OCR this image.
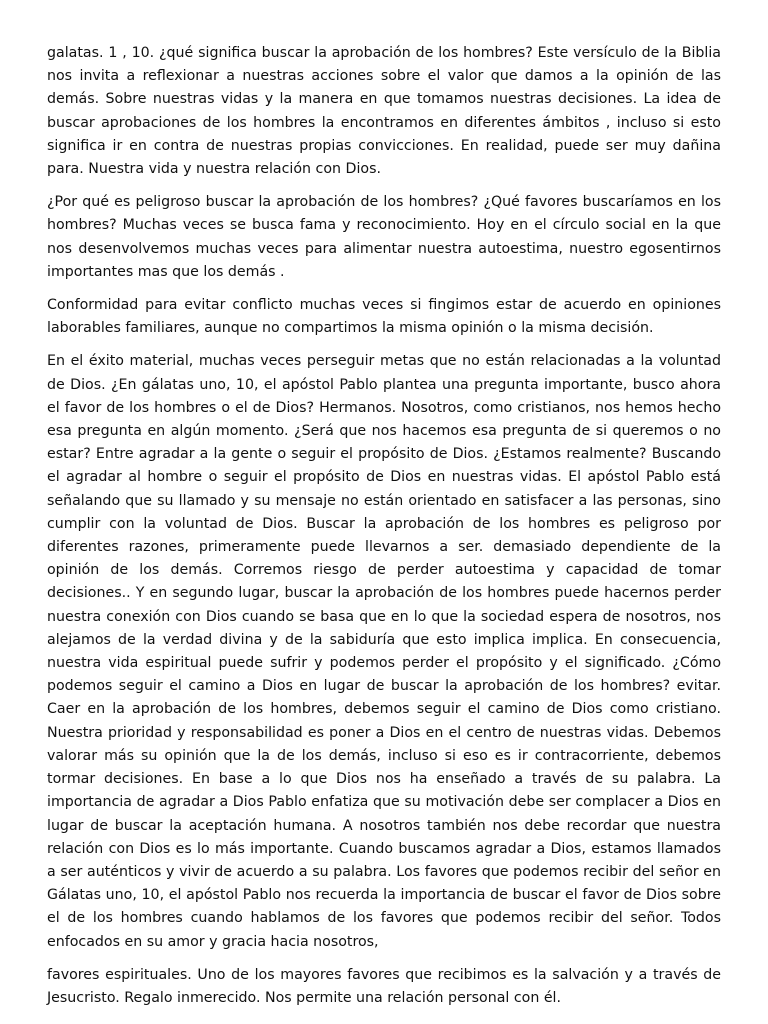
galatas. 1 , 10. ¿qué significa buscar la aprobación de los hombres? Este versículo de la Biblia nos invita a reflexionar a nuestras acciones sobre el valor que damos a la opinión de las demás. Sobre nuestras vidas y la manera en que tomamos nuestras decisiones. La idea de buscar aprobaciones de los hombres la encontramos en diferentes ámbitos , incluso si esto significa ir en contra de nuestras propias convicciones. En realidad, puede ser muy dañina para. Nuestra vida y nuestra relación con Dios.

¿Por qué es peligroso buscar la aprobación de los hombres? ¿Qué favores buscaríamos en los hombres? Muchas veces se busca fama y reconocimiento. Hoy en el círculo social en la que nos desenvolvemos muchas veces para alimentar nuestra autoestima, nuestro egosentirnos importantes mas que los demás .

Conformidad para evitar conflicto muchas veces si fingimos estar de acuerdo en opiniones laborables familiares, aunque no compartimos la misma opinión o la misma decisión.

En el éxito material, muchas veces perseguir metas que no están relacionadas a la voluntad de Dios. ¿En gálatas uno, 10, el apóstol Pablo plantea una pregunta importante, busco ahora el favor de los hombres o el de Dios? Hermanos. Nosotros, como cristianos, nos hemos hecho esa pregunta en algún momento. ¿Será que nos hacemos esa pregunta de si queremos o no estar? Entre agradar a la gente o seguir el propósito de Dios. ¿Estamos realmente? Buscando el agradar al hombre o seguir el propósito de Dios en nuestras vidas. El apóstol Pablo está señalando que su llamado y su mensaje no están orientado en satisfacer a las personas, sino cumplir con la voluntad de Dios. Buscar la aprobación de los hombres es peligroso por diferentes razones, primeramente puede llevarnos a ser. demasiado dependiente de la opinión de los demás. Corremos riesgo de perder autoestima y capacidad de tomar decisiones.. Y en segundo lugar, buscar la aprobación de los hombres puede hacernos perder nuestra conexión con Dios cuando se basa que en lo que la sociedad espera de nosotros, nos alejamos de la verdad divina y de la sabiduría que esto implica implica. En consecuencia, nuestra vida espiritual puede sufrir y podemos perder el propósito y el significado. ¿Cómo podemos seguir el camino a Dios en lugar de buscar la aprobación de los hombres? evitar. Caer en la aprobación de los hombres, debemos seguir el camino de Dios como cristiano. Nuestra prioridad y responsabilidad es poner a Dios en el centro de nuestras vidas. Debemos valorar más su opinión que la de los demás, incluso si eso es ir contracorriente, debemos tormar decisiones. En base a lo que Dios nos ha enseñado a través de su palabra. La importancia de agradar a Dios Pablo enfatiza que su motivación debe ser complacer a Dios en lugar de buscar la aceptación humana. A nosotros también nos debe recordar que nuestra relación con Dios es lo más importante. Cuando buscamos agradar a Dios, estamos llamados a ser auténticos y vivir de acuerdo a su palabra. Los favores que podemos recibir del señor en Gálatas uno, 10, el apóstol Pablo nos recuerda la importancia de buscar el favor de Dios sobre el de los hombres cuando hablamos de los favores que podemos recibir del señor. Todos enfocados en su amor y gracia hacia nosotros,

favores espirituales. Uno de los mayores favores que recibimos es la salvación y a través de Jesucristo. Regalo inmerecido. Nos permite una relación personal con él.
